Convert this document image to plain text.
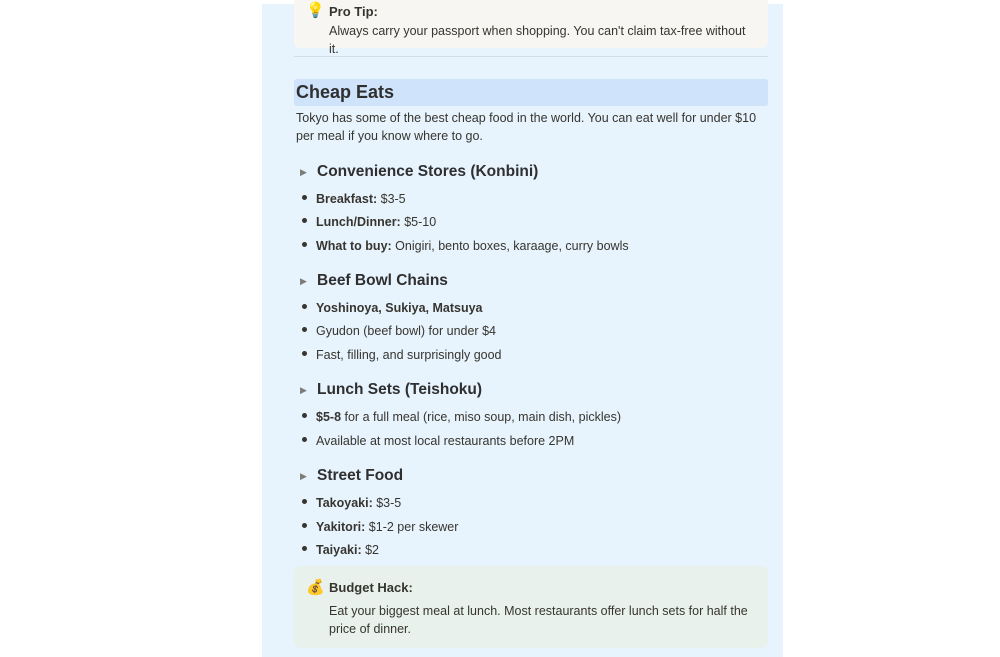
💡 Pro Tip:
Always carry your passport when shopping. You can't claim tax-free without it.
Cheap Eats
Tokyo has some of the best cheap food in the world. You can eat well for under $10 per meal if you know where to go.
▶ Convenience Stores (Konbini)
Breakfast: $3-5
Lunch/Dinner: $5-10
What to buy: Onigiri, bento boxes, karaage, curry bowls
▶ Beef Bowl Chains
Yoshinoya, Sukiya, Matsuya
Gyudon (beef bowl) for under $4
Fast, filling, and surprisingly good
▶ Lunch Sets (Teishoku)
$5-8 for a full meal (rice, miso soup, main dish, pickles)
Available at most local restaurants before 2PM
▶ Street Food
Takoyaki: $3-5
Yakitori: $1-2 per skewer
Taiyaki: $2
💰 Budget Hack:
Eat your biggest meal at lunch. Most restaurants offer lunch sets for half the price of dinner.
